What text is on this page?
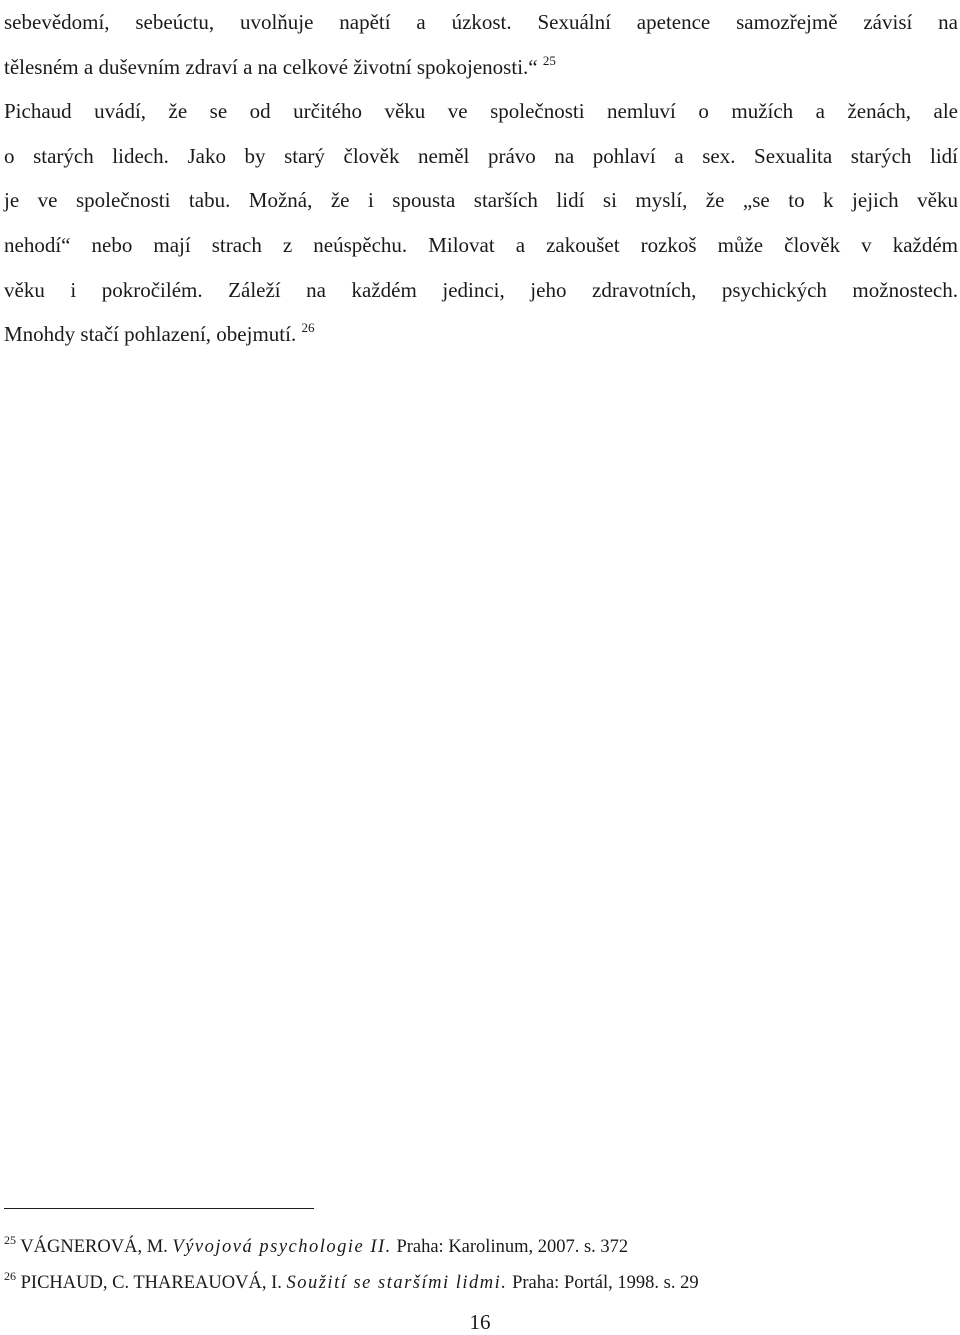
sebevědomí, sebeúctu, uvolňuje napětí a úzkost. Sexuální apetence samozřejmě závisí na
tělesném a duševním zdraví a na celkové životní spokojenosti.“ $^{25}$
Pichaud uvádí, že se od určitého věku ve společnosti nemluví o mužích a ženách, ale
o starých lidech. Jako by starý člověk neměl právo na pohlaví a sex. Sexualita starých lidí
je ve společnosti tabu. Možná, že i spousta starších lidí si myslí, že „se to k jejich věku
nehodí“ nebo mají strach z neúspěchu. Milovat a zakoušet rozkoš může člověk v každém
věku i pokročilém. Záleží na každém jedinci, jeho zdravotních, psychických možnostech.
Mnohdy stačí pohlazení, obejmutí. $^{26}$
$^{25}$ VÁGNEROVÁ, M. Vývojová psychologie II. Praha: Karolinum, 2007. s. 372
$^{26}$ PICHAUD, C. THAREAUOVÁ, I. Soužití se staršími lidmi. Praha: Portál, 1998. s. 29
16
